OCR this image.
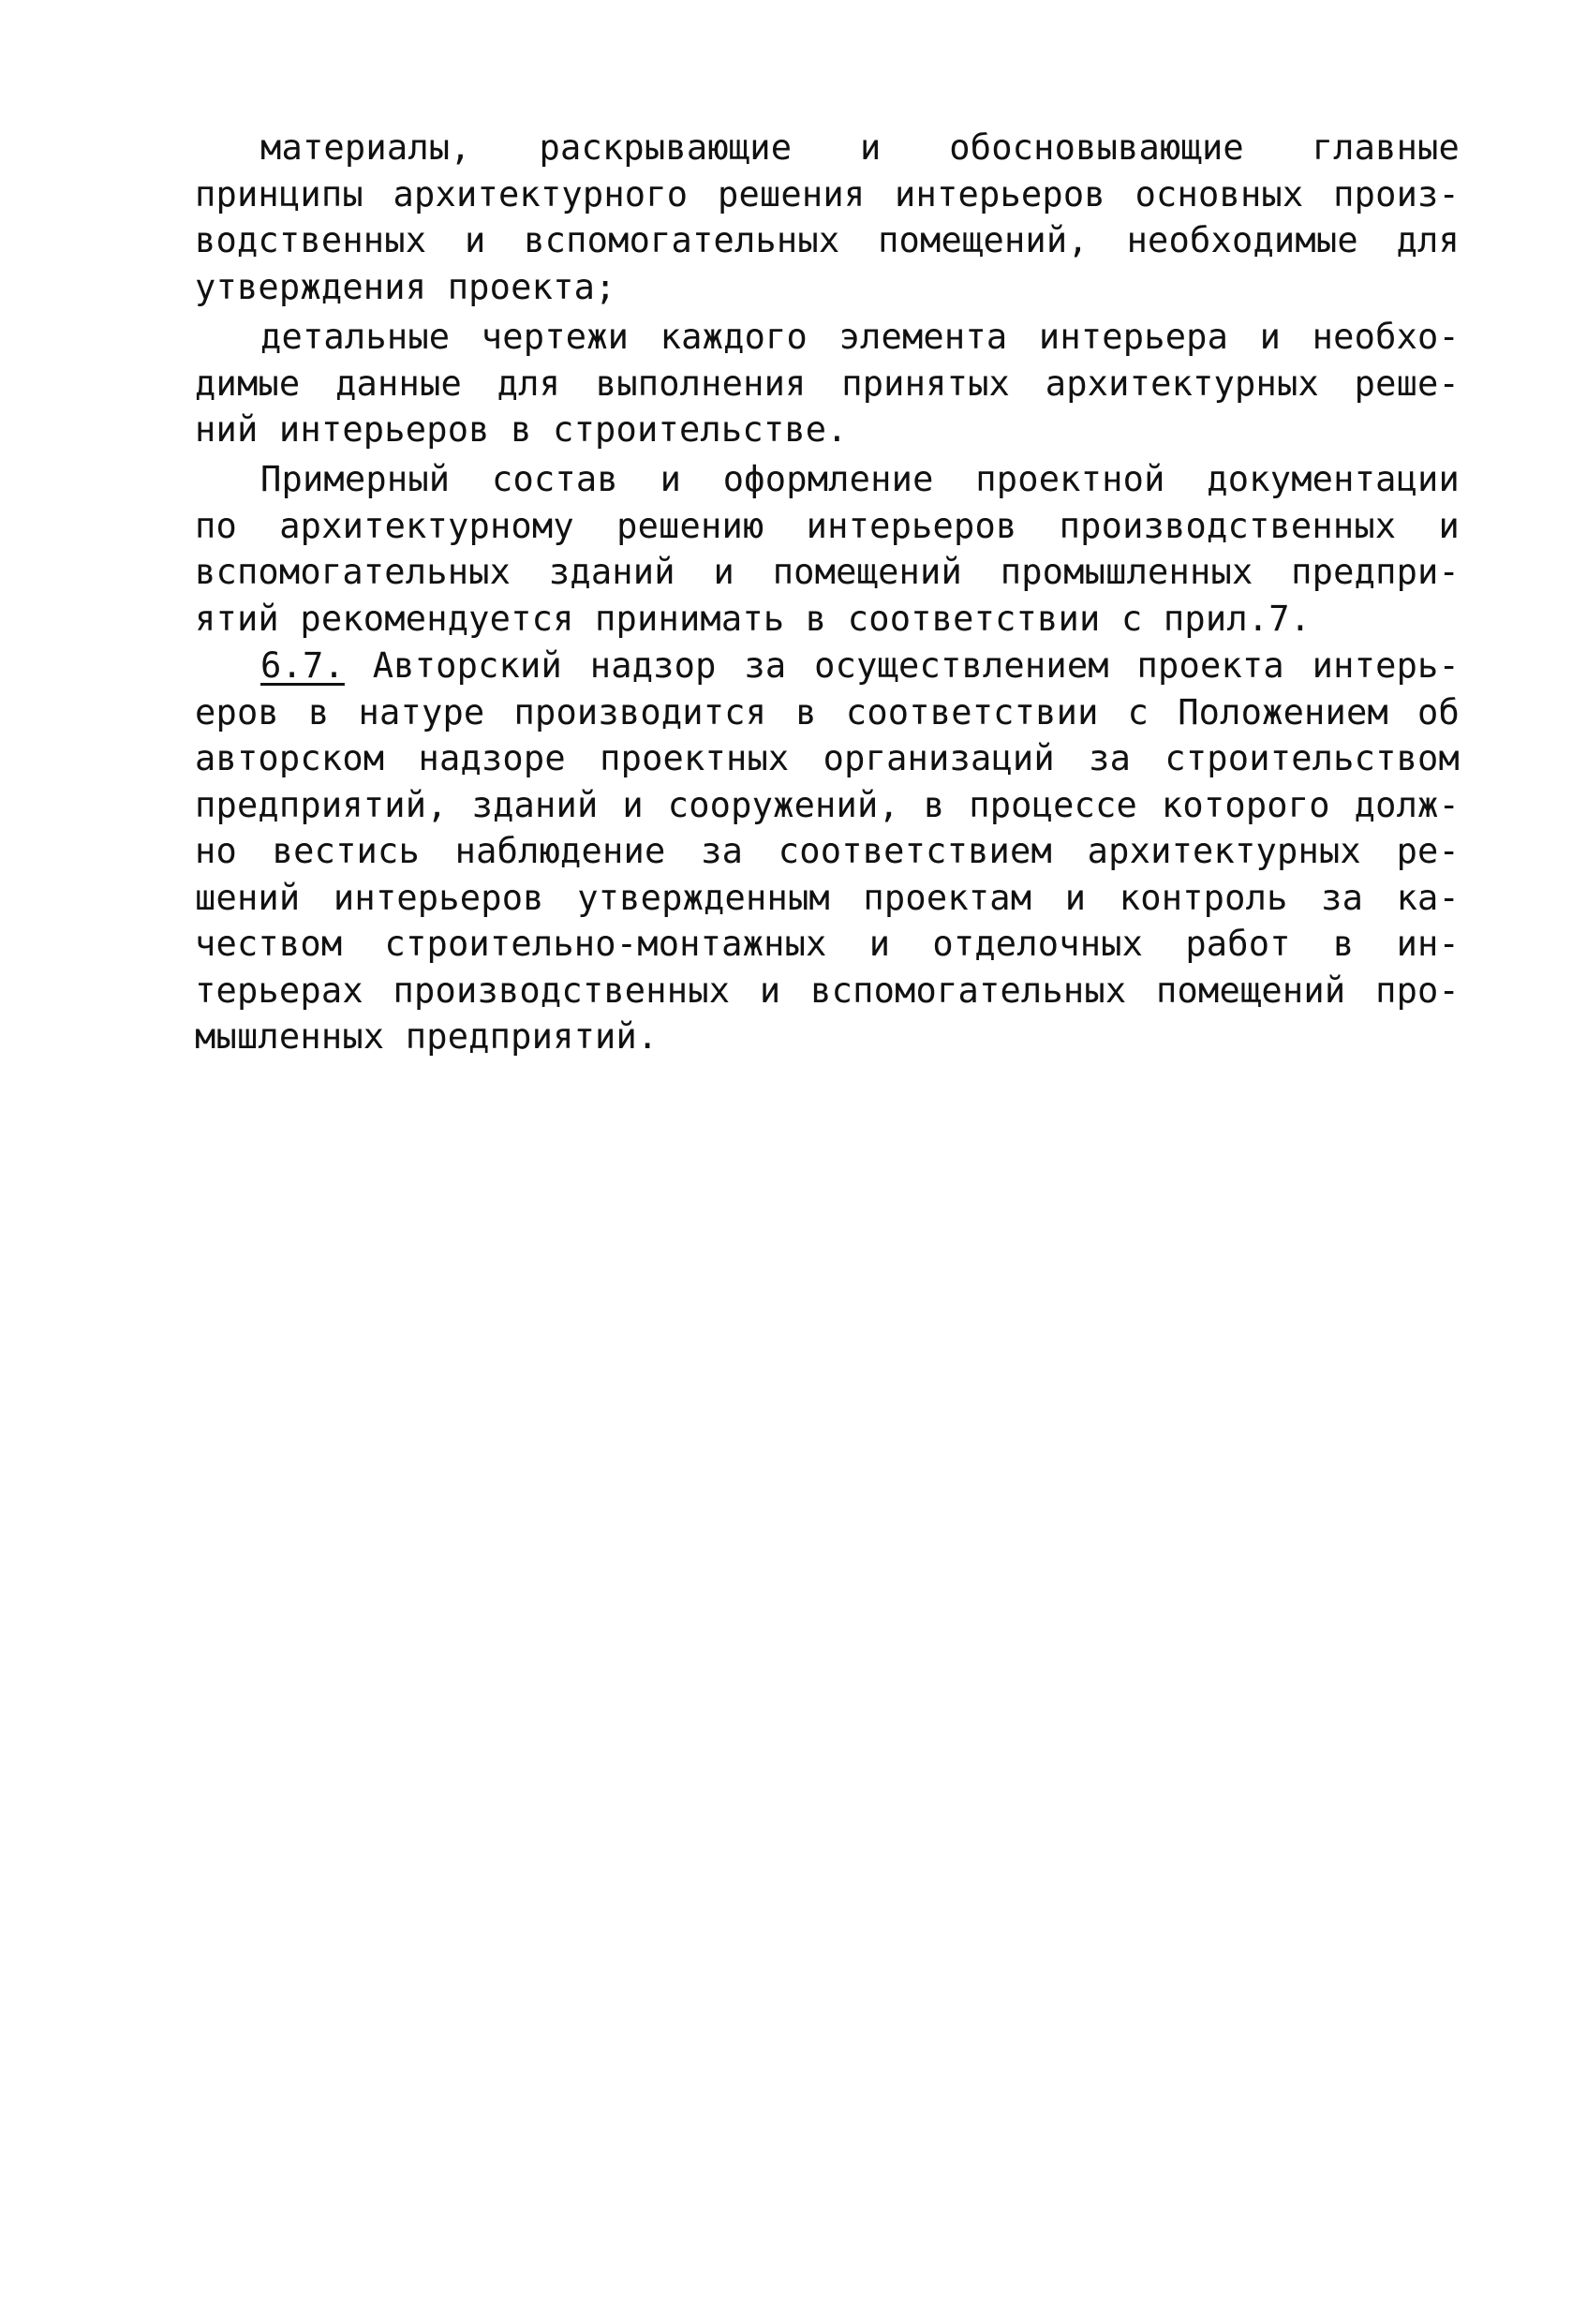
материалы, раскрывающие и обосновывающие главные
принципы архитектурного решения интерьеров основных произ-
водственных и вспомогательных помещений, необходимые для
утверждения проекта;
детальные чертежи каждого элемента интерьера и необхо-
димые данные для выполнения принятых архитектурных реше-
ний интерьеров в строительстве.
Примерный состав и оформление проектной документации
по архитектурному решению интерьеров производственных и
вспомогательных зданий и помещений промышленных предпри-
ятий рекомендуется принимать в соответствии с прил.7.
6.7. Авторский надзор за осуществлением проекта интерь-
еров в натуре производится в соответствии с Положением об
авторском надзоре проектных организаций за строительством
предприятий, зданий и сооружений, в процессе которого долж-
но вестись наблюдение за соответствием архитектурных ре-
шений интерьеров утвержденным проектам и контроль за ка-
чеством строительно-монтажных и отделочных работ в ин-
терьерах производственных и вспомогательных помещений про-
мышленных предприятий.
